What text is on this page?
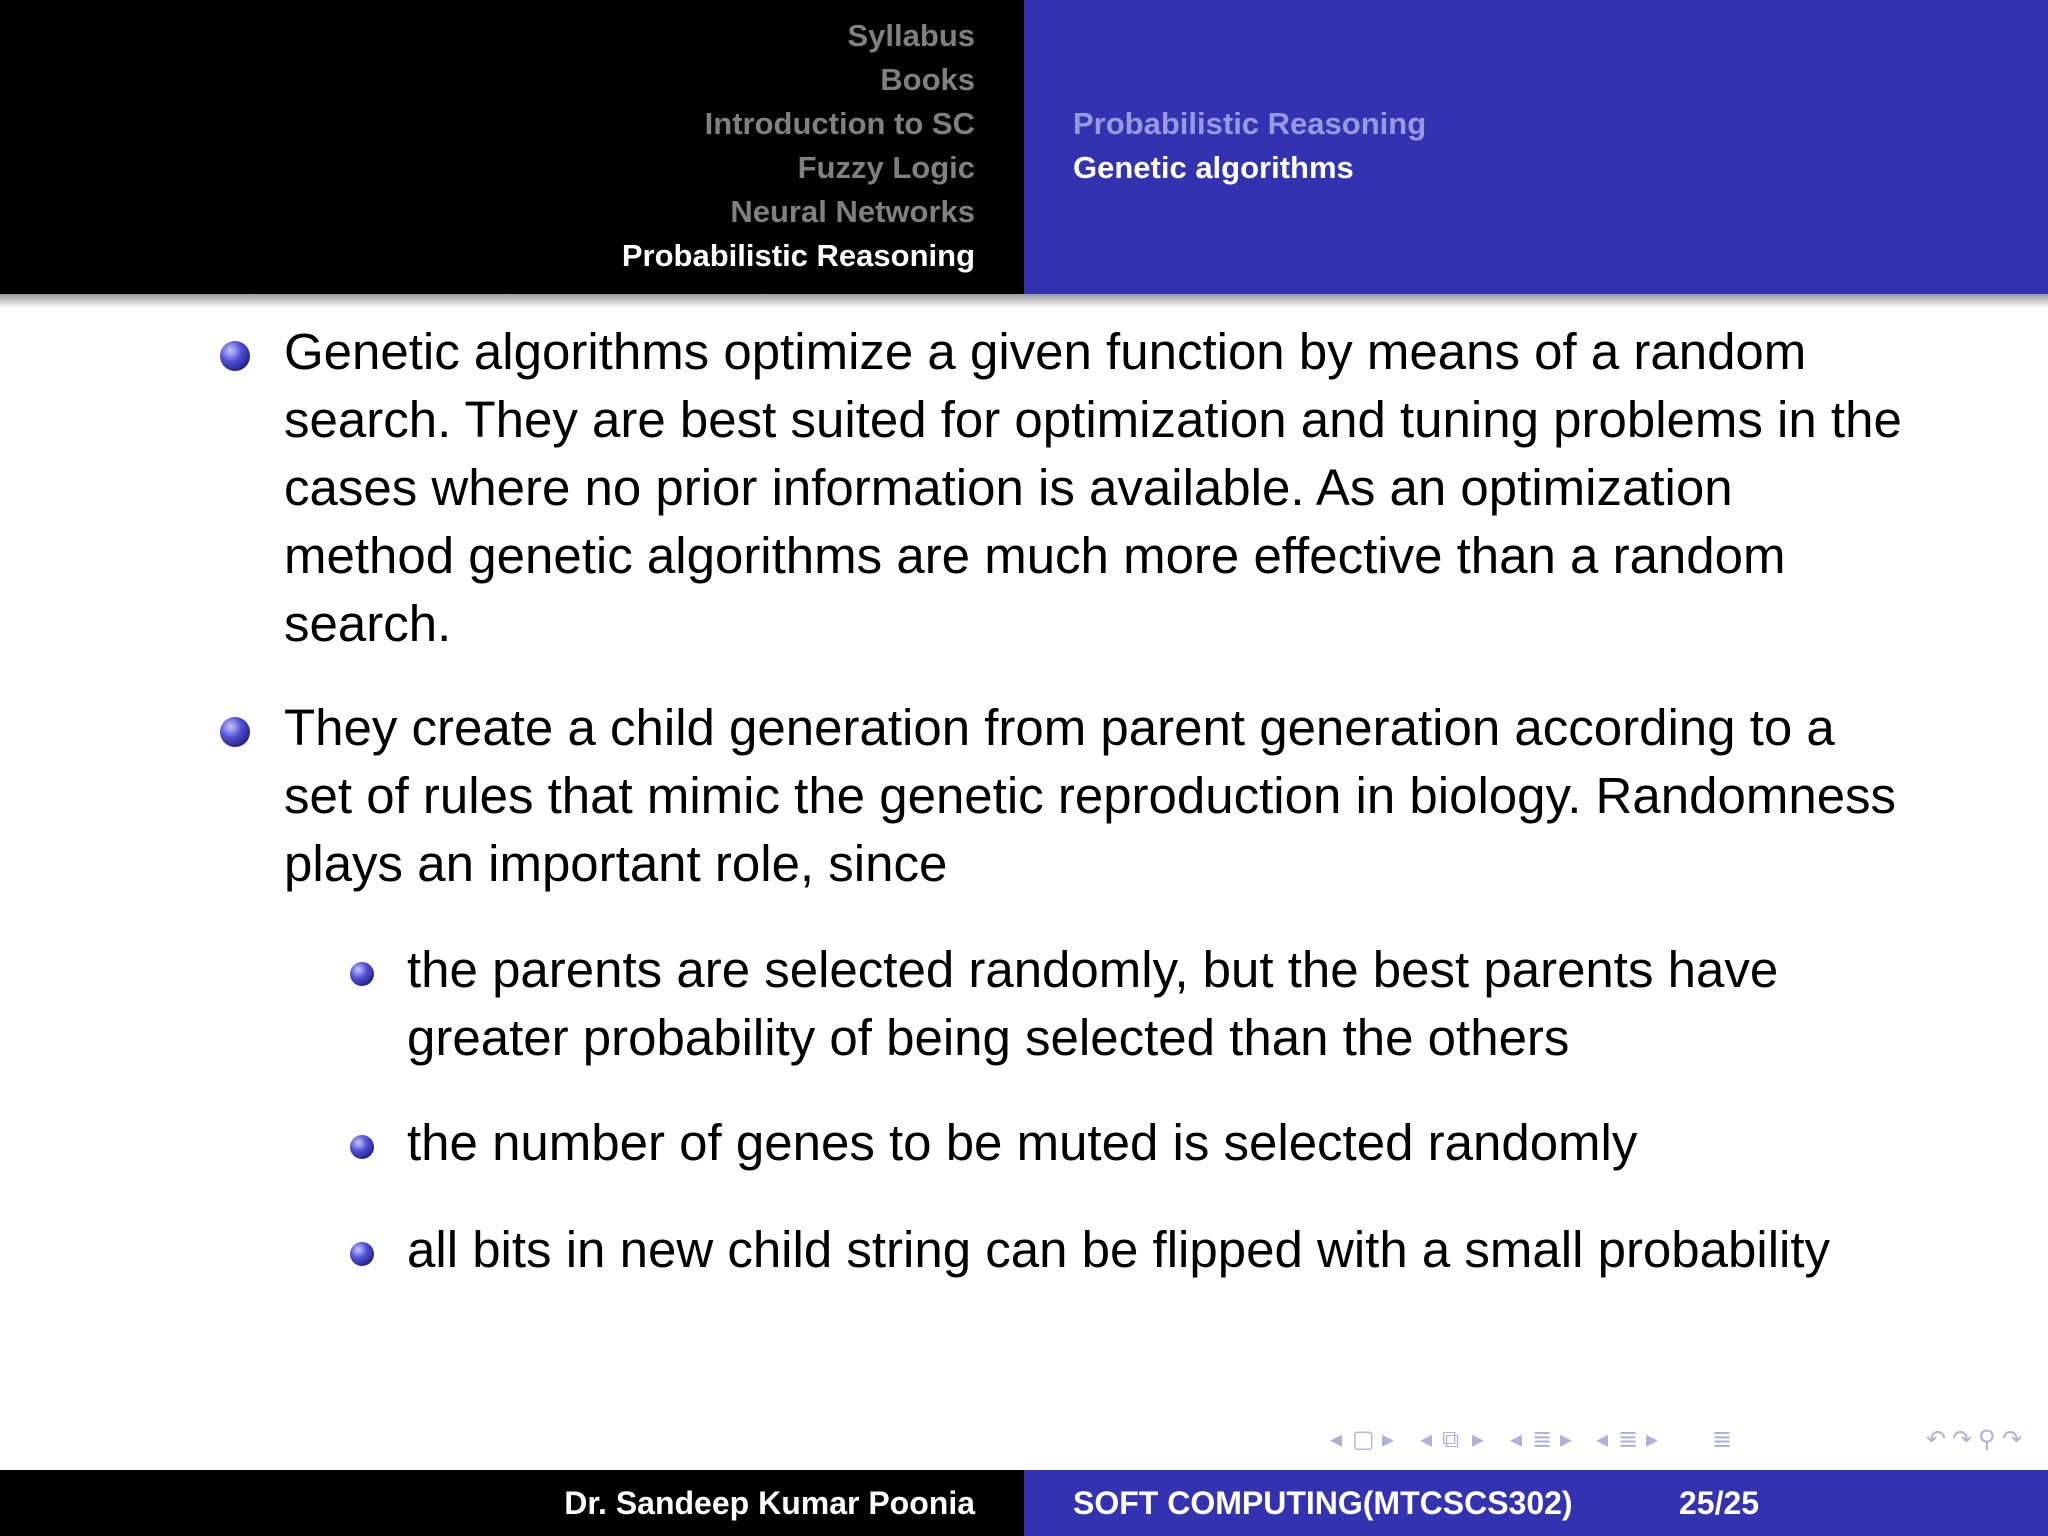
Syllabus
Books
Introduction to SC
Fuzzy Logic
Neural Networks
Probabilistic Reasoning
Probabilistic Reasoning
Genetic algorithms
Genetic algorithms optimize a given function by means of a random search. They are best suited for optimization and tuning problems in the cases where no prior information is available. As an optimization method genetic algorithms are much more effective than a random search.
They create a child generation from parent generation according to a set of rules that mimic the genetic reproduction in biology. Randomness plays an important role, since
the parents are selected randomly, but the best parents have greater probability of being selected than the others
the number of genes to be muted is selected randomly
all bits in new child string can be flipped with a small probability
◂ ▢ ▸ ◂ ⧉ ▸ ◂ ≣ ▸ ◂ ≣ ▸ ≣	↶ ↷ ⚲ ↷
Dr. Sandeep Kumar Poonia	SOFT COMPUTING(MTCSCS302)	25/25
